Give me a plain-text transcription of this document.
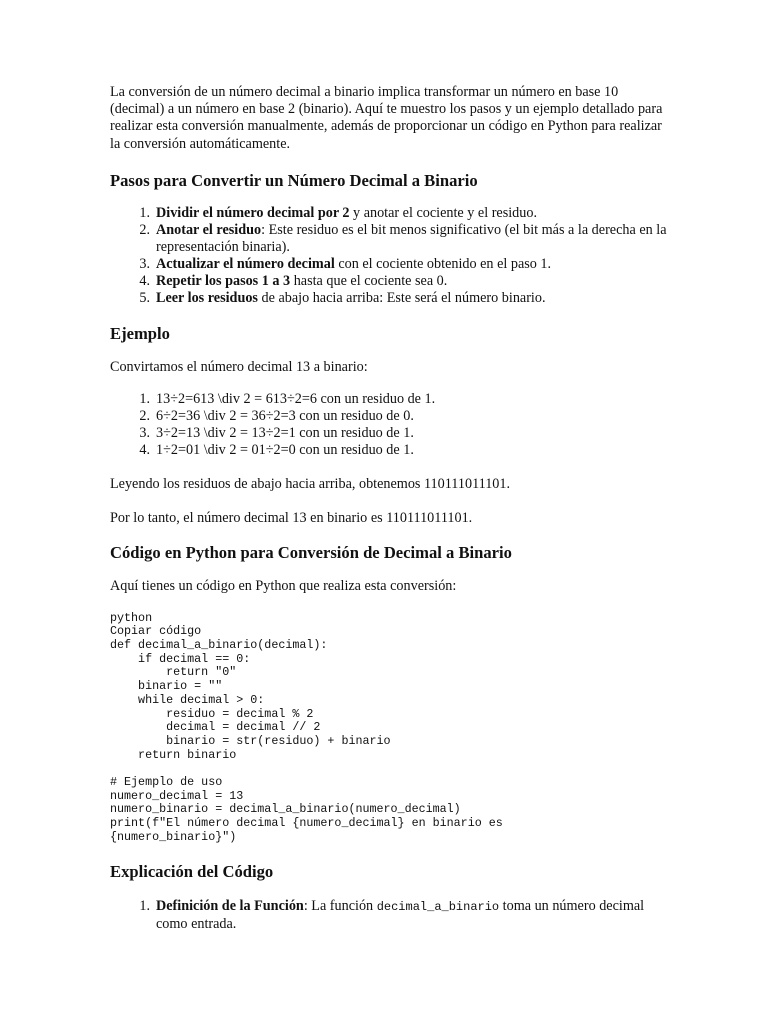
La conversión de un número decimal a binario implica transformar un número en base 10 (decimal) a un número en base 2 (binario). Aquí te muestro los pasos y un ejemplo detallado para realizar esta conversión manualmente, además de proporcionar un código en Python para realizar la conversión automáticamente.

Pasos para Convertir un Número Decimal a Binario
1. Dividir el número decimal por 2 y anotar el cociente y el residuo.
2. Anotar el residuo: Este residuo es el bit menos significativo (el bit más a la derecha en la representación binaria).
3. Actualizar el número decimal con el cociente obtenido en el paso 1.
4. Repetir los pasos 1 a 3 hasta que el cociente sea 0.
5. Leer los residuos de abajo hacia arriba: Este será el número binario.
Ejemplo

Convirtamos el número decimal 13 a binario:

1. 13÷2=613 \div 2 = 613÷2=6 con un residuo de 1.
2. 6÷2=36 \div 2 = 36÷2=3 con un residuo de 0.
3. 3÷2=13 \div 2 = 13÷2=1 con un residuo de 1.
4. 1÷2=01 \div 2 = 01÷2=0 con un residuo de 1.

Leyendo los residuos de abajo hacia arriba, obtenemos 110111011101.

Por lo tanto, el número decimal 13 en binario es 110111011101.

Código en Python para Conversión de Decimal a Binario

Aquí tienes un código en Python que realiza esta conversión:

python
Copiar código
def decimal_a_binario(decimal):
if decimal == 0:
return "0"
binario = ""
while decimal > 0:
residuo = decimal % 2
decimal = decimal // 2
binario = str(residuo) + binario
return binario

# Ejemplo de uso
numero_decimal = 13
numero_binario = decimal_a_binario(numero_decimal)
print(f"El número decimal {numero_decimal} en binario es
{numero_binario}")
Explicación del Código
1. Definición de la Función: La función decimal_a_binario toma un número decimal como entrada.
